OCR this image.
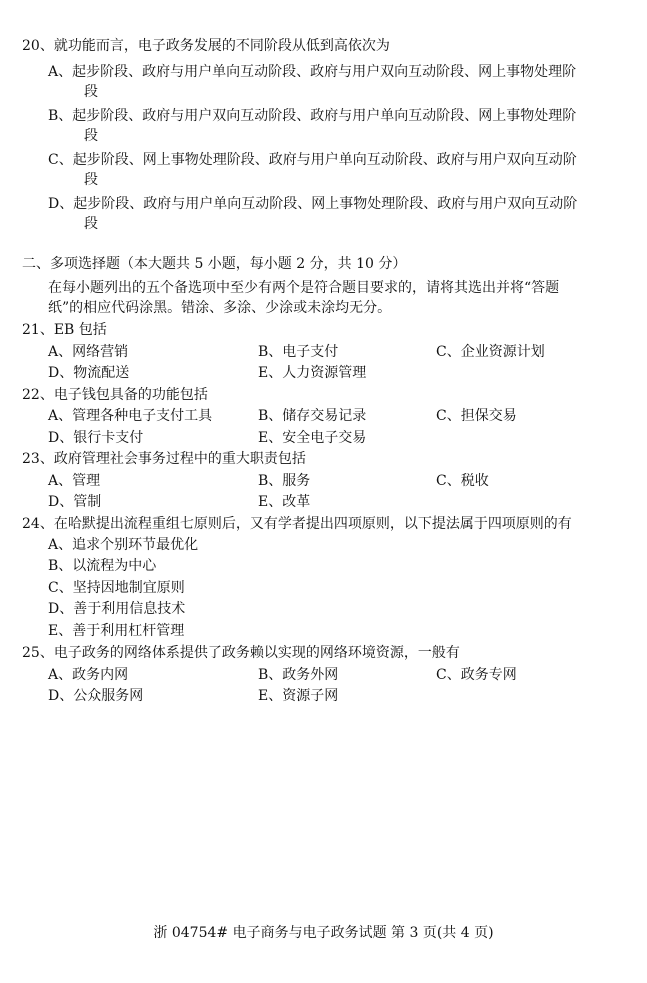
20、就功能而言，电子政务发展的不同阶段从低到高依次为
A、起步阶段、政府与用户单向互动阶段、政府与用户双向互动阶段、网上事物处理阶
段
B、起步阶段、政府与用户双向互动阶段、政府与用户单向互动阶段、网上事物处理阶
段
C、起步阶段、网上事物处理阶段、政府与用户单向互动阶段、政府与用户双向互动阶
段
D、起步阶段、政府与用户单向互动阶段、网上事物处理阶段、政府与用户双向互动阶
段
二、多项选择题（本大题共 5 小题，每小题 2 分，共 10 分）
在每小题列出的五个备选项中至少有两个是符合题目要求的，请将其选出并将“答题
纸”的相应代码涂黑。错涂、多涂、少涂或未涂均无分。
21、EB 包括
A、网络营销	B、电子支付	C、企业资源计划
D、物流配送	E、人力资源管理
22、电子钱包具备的功能包括
A、管理各种电子支付工具	B、储存交易记录	C、担保交易
D、银行卡支付	E、安全电子交易
23、政府管理社会事务过程中的重大职责包括
A、管理	B、服务	C、税收
D、管制	E、改革
24、在哈默提出流程重组七原则后，又有学者提出四项原则，以下提法属于四项原则的有
A、追求个别环节最优化
B、以流程为中心
C、坚持因地制宜原则
D、善于利用信息技术
E、善于利用杠杆管理
25、电子政务的网络体系提供了政务赖以实现的网络环境资源，一般有
A、政务内网	B、政务外网	C、政务专网
D、公众服务网	E、资源子网
浙 04754# 电子商务与电子政务试题 第 3 页(共 4 页)
